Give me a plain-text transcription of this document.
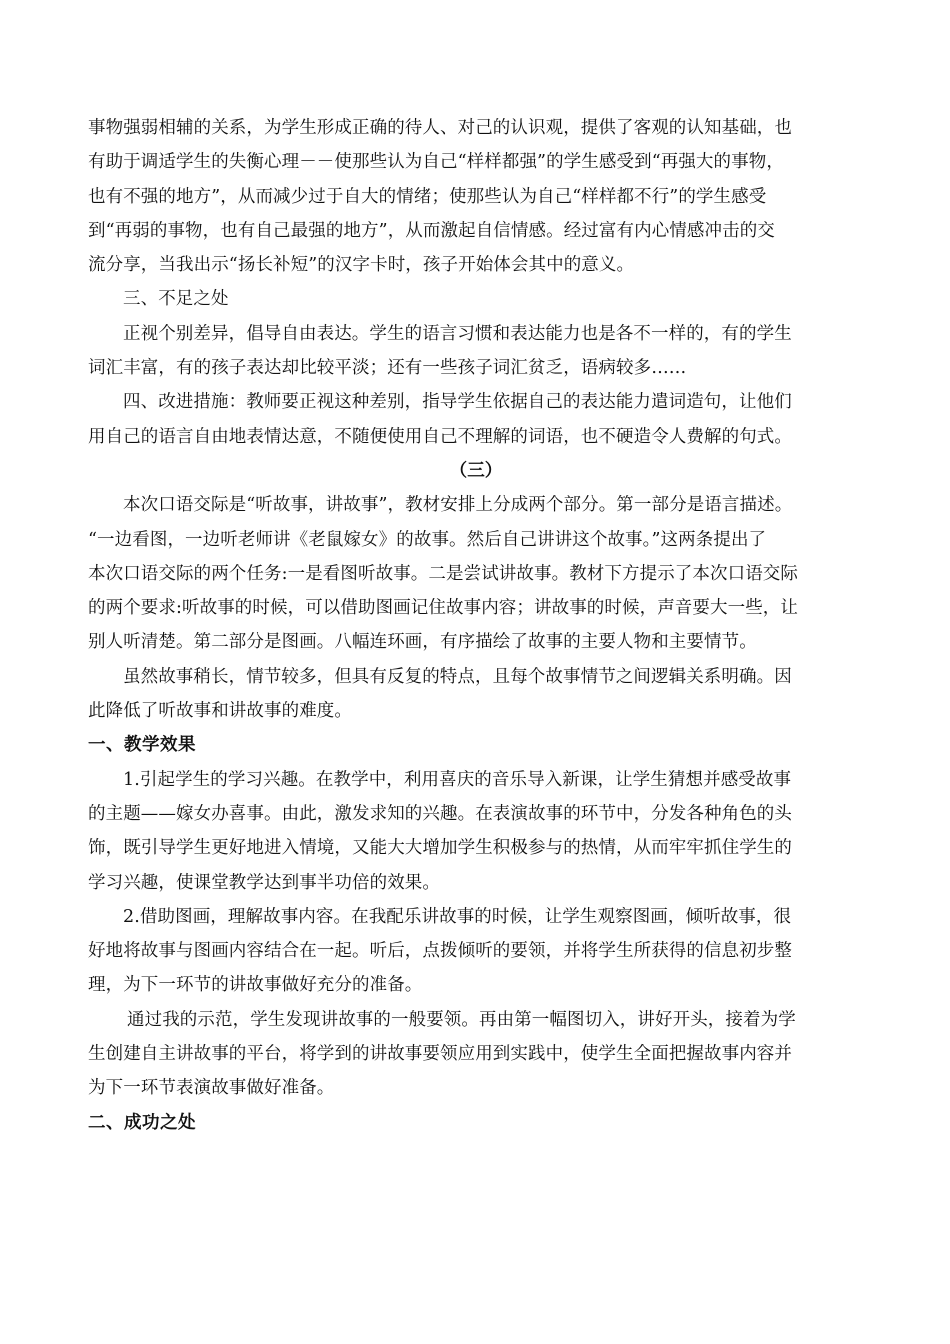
事物强弱相辅的关系，为学生形成正确的待人、对己的认识观，提供了客观的认知基础，也
有助于调适学生的失衡心理－－使那些认为自己“样样都强”的学生感受到“再强大的事物，
也有不强的地方”，从而减少过于自大的情绪；使那些认为自己“样样都不行”的学生感受
到“再弱的事物，也有自己最强的地方”，从而激起自信情感。经过富有内心情感冲击的交
流分享，当我出示“扬长补短”的汉字卡时，孩子开始体会其中的意义。
三、不足之处
正视个别差异，倡导自由表达。学生的语言习惯和表达能力也是各不一样的，有的学生
词汇丰富，有的孩子表达却比较平淡；还有一些孩子词汇贫乏，语病较多……
四、改进措施：教师要正视这种差别，指导学生依据自己的表达能力遣词造句，让他们
用自己的语言自由地表情达意，不随便使用自己不理解的词语，也不硬造令人费解的句式。
（三）
本次口语交际是“听故事，讲故事”，教材安排上分成两个部分。第一部分是语言描述。
“一边看图，一边听老师讲《老鼠嫁女》的故事。然后自己讲讲这个故事。”这两条提出了
本次口语交际的两个任务:一是看图听故事。二是尝试讲故事。教材下方提示了本次口语交际
的两个要求:听故事的时候，可以借助图画记住故事内容；讲故事的时候，声音要大一些，让
别人听清楚。第二部分是图画。八幅连环画，有序描绘了故事的主要人物和主要情节。
虽然故事稍长，情节较多，但具有反复的特点，且每个故事情节之间逻辑关系明确。因
此降低了听故事和讲故事的难度。
一、教学效果
1.引起学生的学习兴趣。在教学中，利用喜庆的音乐导入新课，让学生猜想并感受故事
的主题——嫁女办喜事。由此，激发求知的兴趣。在表演故事的环节中，分发各种角色的头
饰，既引导学生更好地进入情境，又能大大增加学生积极参与的热情，从而牢牢抓住学生的
学习兴趣，使课堂教学达到事半功倍的效果。
2.借助图画，理解故事内容。在我配乐讲故事的时候，让学生观察图画，倾听故事，很
好地将故事与图画内容结合在一起。听后，点拨倾听的要领，并将学生所获得的信息初步整
理，为下一环节的讲故事做好充分的准备。
通过我的示范，学生发现讲故事的一般要领。再由第一幅图切入，讲好开头，接着为学
生创建自主讲故事的平台，将学到的讲故事要领应用到实践中，使学生全面把握故事内容并
为下一环节表演故事做好准备。
二、成功之处
